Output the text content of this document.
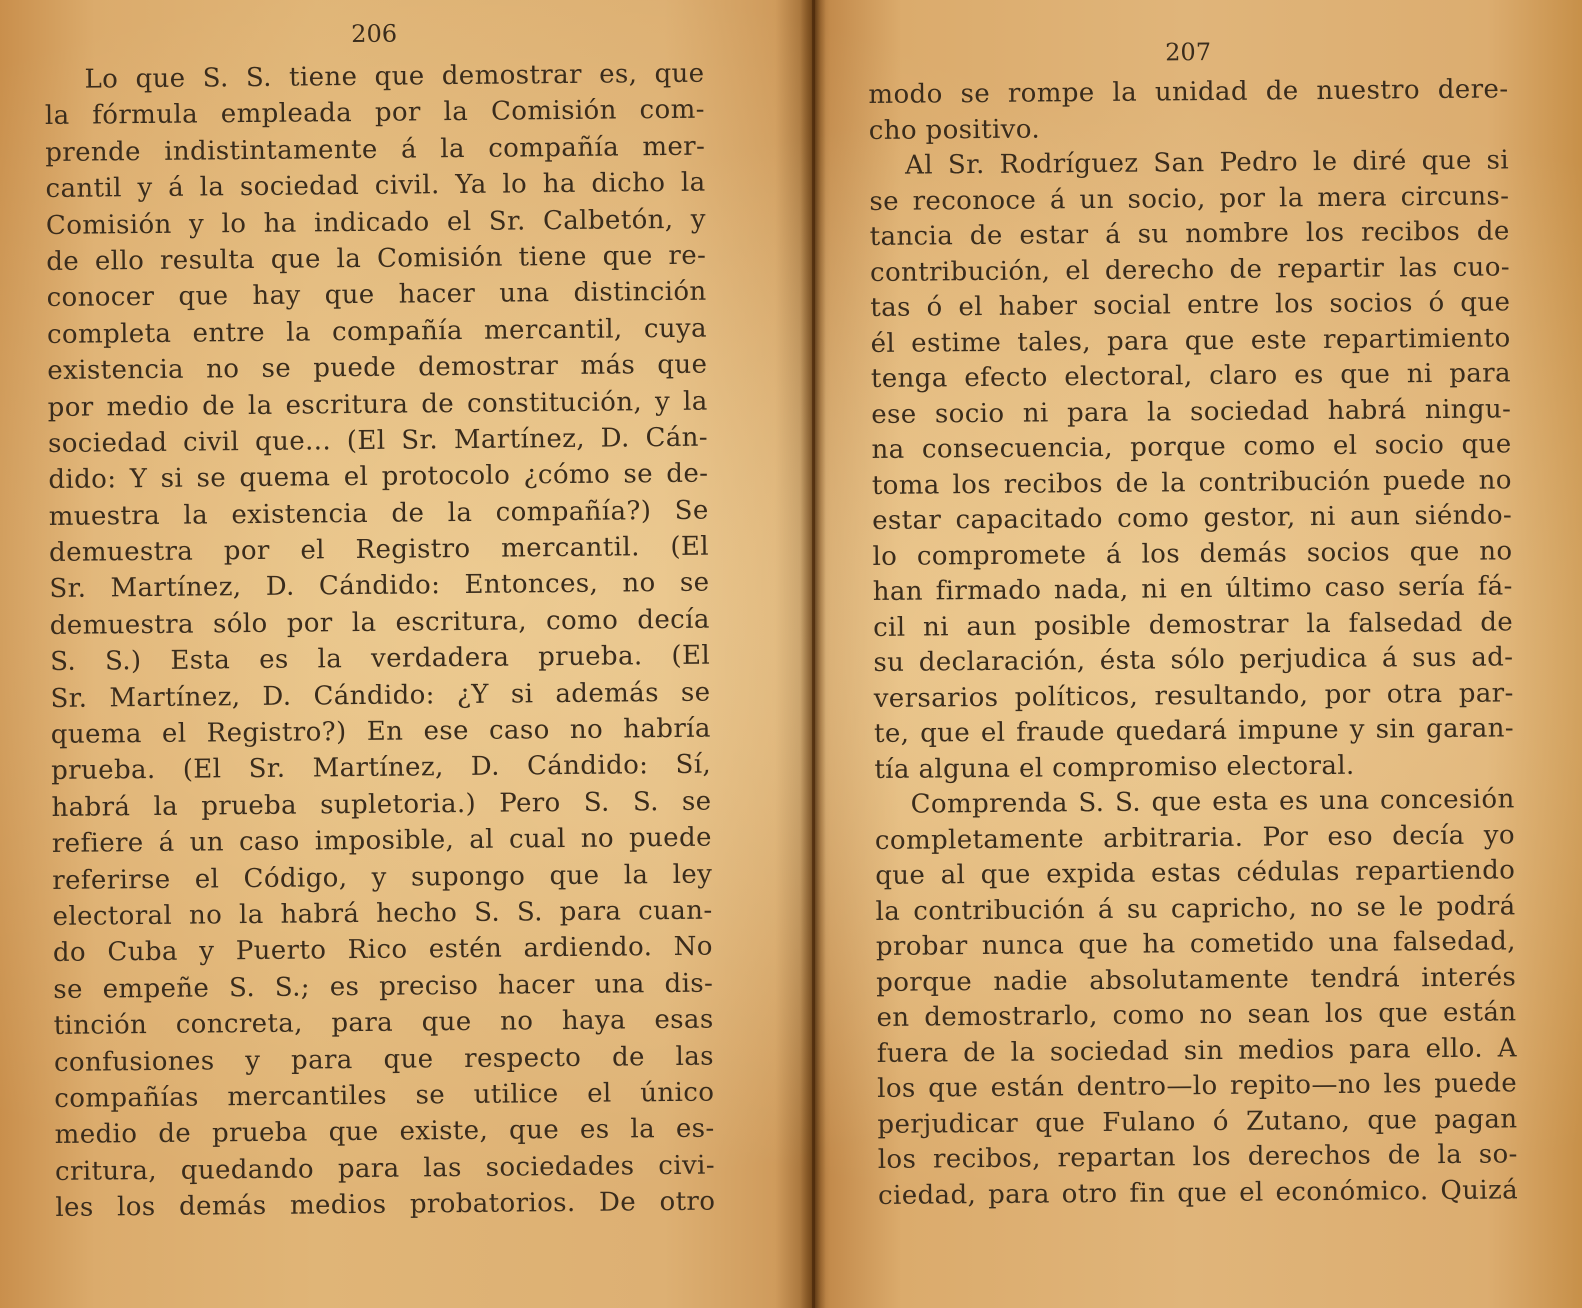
206
Lo que S. S. tiene que demostrar es, que
la fórmula empleada por la Comisión com-
prende indistintamente á la compañía mer-
cantil y á la sociedad civil. Ya lo ha dicho la
Comisión y lo ha indicado el Sr. Calbetón, y
de ello resulta que la Comisión tiene que re-
conocer que hay que hacer una distinción
completa entre la compañía mercantil, cuya
existencia no se puede demostrar más que
por medio de la escritura de constitución, y la
sociedad civil que... (El Sr. Martínez, D. Cán-
dido: Y si se quema el protocolo ¿cómo se de-
muestra la existencia de la compañía?) Se
demuestra por el Registro mercantil. (El
Sr. Martínez, D. Cándido: Entonces, no se
demuestra sólo por la escritura, como decía
S. S.) Esta es la verdadera prueba. (El
Sr. Martínez, D. Cándido: ¿Y si además se
quema el Registro?) En ese caso no habría
prueba. (El Sr. Martínez, D. Cándido: Sí,
habrá la prueba supletoria.) Pero S. S. se
refiere á un caso imposible, al cual no puede
referirse el Código, y supongo que la ley
electoral no la habrá hecho S. S. para cuan-
do Cuba y Puerto Rico estén ardiendo. No
se empeñe S. S.; es preciso hacer una dis-
tinción concreta, para que no haya esas
confusiones y para que respecto de las
compañías mercantiles se utilice el único
medio de prueba que existe, que es la es-
critura, quedando para las sociedades civi-
les los demás medios probatorios. De otro
207
modo se rompe la unidad de nuestro dere-
cho positivo.
Al Sr. Rodríguez San Pedro le diré que si
se reconoce á un socio, por la mera circuns-
tancia de estar á su nombre los recibos de
contribución, el derecho de repartir las cuo-
tas ó el haber social entre los socios ó que
él estime tales, para que este repartimiento
tenga efecto electoral, claro es que ni para
ese socio ni para la sociedad habrá ningu-
na consecuencia, porque como el socio que
toma los recibos de la contribución puede no
estar capacitado como gestor, ni aun siéndo-
lo compromete á los demás socios que no
han firmado nada, ni en último caso sería fá-
cil ni aun posible demostrar la falsedad de
su declaración, ésta sólo perjudica á sus ad-
versarios políticos, resultando, por otra par-
te, que el fraude quedará impune y sin garan-
tía alguna el compromiso electoral.
Comprenda S. S. que esta es una concesión
completamente arbitraria. Por eso decía yo
que al que expida estas cédulas repartiendo
la contribución á su capricho, no se le podrá
probar nunca que ha cometido una falsedad,
porque nadie absolutamente tendrá interés
en demostrarlo, como no sean los que están
fuera de la sociedad sin medios para ello. A
los que están dentro—lo repito—no les puede
perjudicar que Fulano ó Zutano, que pagan
los recibos, repartan los derechos de la so-
ciedad, para otro fin que el económico. Quizá
